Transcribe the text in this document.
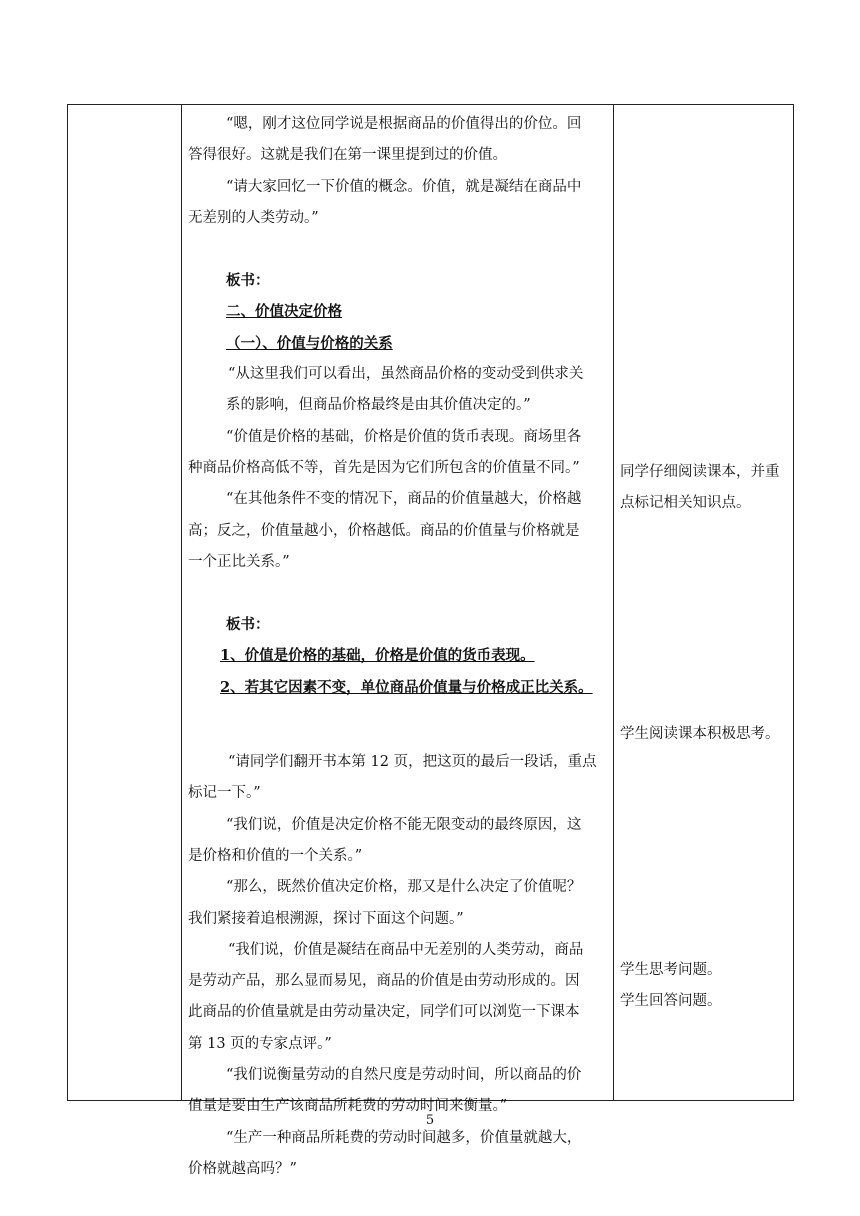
“嗯，刚才这位同学说是根据商品的价值得出的价位。回

答得很好。这就是我们在第一课里提到过的价值。

“请大家回忆一下价值的概念。价值，就是凝结在商品中

无差别的人类劳动。”

板书：

二、价值决定价格

（一）、价值与价格的关系

“从这里我们可以看出，虽然商品价格的变动受到供求关

系的影响，但商品价格最终是由其价值决定的。”

“价值是价格的基础，价格是价值的货币表现。商场里各

种商品价格高低不等，首先是因为它们所包含的价值量不同。”

“在其他条件不变的情况下，商品的价值量越大，价格越

高；反之，价值量越小，价格越低。商品的价值量与价格就是

一个正比关系。”

板书：

1、价值是价格的基础，价格是价值的货币表现。

2、若其它因素不变，单位商品价值量与价格成正比关系。

“请同学们翻开书本第 12 页，把这页的最后一段话，重点

标记一下。”

“我们说，价值是决定价格不能无限变动的最终原因，这

是价格和价值的一个关系。”

“那么，既然价值决定价格，那又是什么决定了价值呢？

我们紧接着追根溯源，探讨下面这个问题。”

“我们说，价值是凝结在商品中无差别的人类劳动，商品

是劳动产品，那么显而易见，商品的价值是由劳动形成的。因

此商品的价值量就是由劳动量决定，同学们可以浏览一下课本

第 13 页的专家点评。”

“我们说衡量劳动的自然尺度是劳动时间，所以商品的价

值量是要由生产该商品所耗费的劳动时间来衡量。”

“生产一种商品所耗费的劳动时间越多，价值量就越大，

价格就越高吗？”

同学仔细阅读课本，并重

点标记相关知识点。

学生阅读课本积极思考。

学生思考问题。

学生回答问题。

5
